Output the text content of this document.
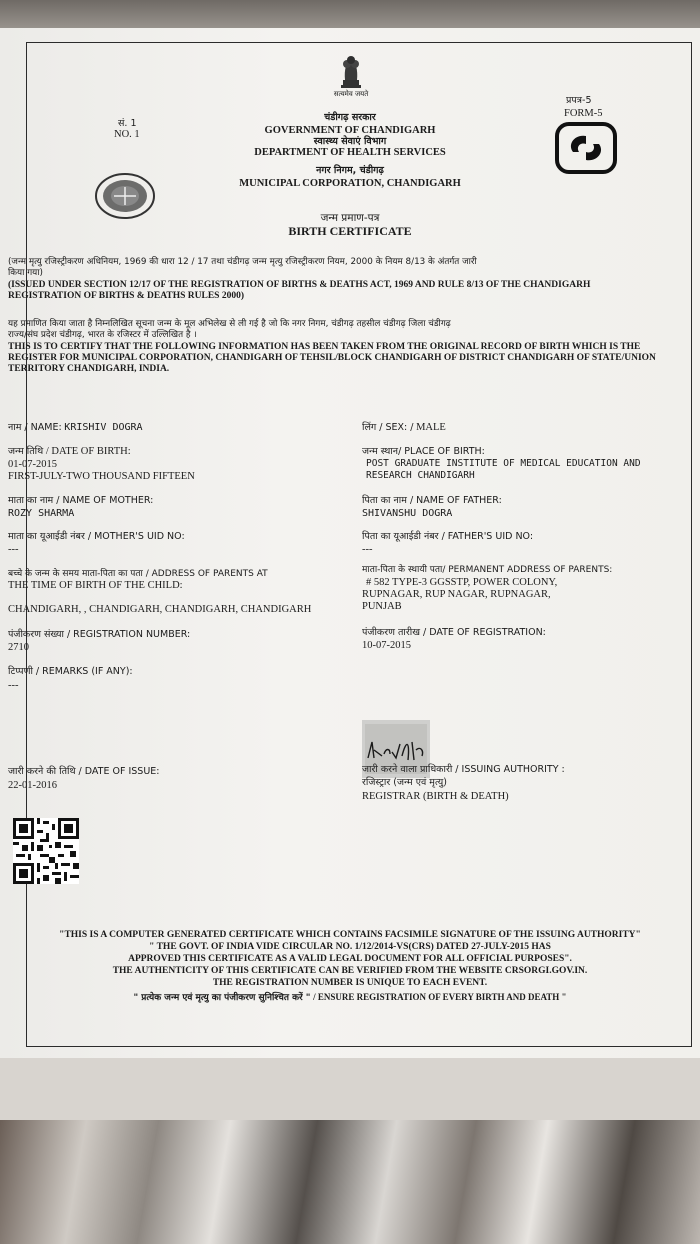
सत्यमेव जयते
सं. 1
NO. 1
चंडीगढ़ सरकार
GOVERNMENT OF CHANDIGARH
स्वास्थ्य सेवाएं विभाग
DEPARTMENT OF HEALTH SERVICES
नगर निगम, चंडीगढ़
MUNICIPAL CORPORATION, CHANDIGARH
प्रपत्र-5
FORM-5
जन्म प्रमाण-पत्र
BIRTH CERTIFICATE
(जन्म मृत्यु रजिस्ट्रीकरण अधिनियम, 1969 की धारा 12 / 17 तथा चंडीगढ़ जन्म मृत्यु रजिस्ट्रीकरण नियम, 2000 के नियम 8/13 के अंतर्गत जारी
किया गया)
(ISSUED UNDER SECTION 12/17 OF THE REGISTRATION OF BIRTHS & DEATHS ACT, 1969 AND RULE 8/13 OF THE CHANDIGARH
REGISTRATION OF BIRTHS & DEATHS RULES 2000)
यह प्रमाणित किया जाता है निम्नलिखित सूचना जन्म के मूल अभिलेख से ली गई है जो कि नगर निगम, चंडीगढ़ तहसील चंडीगढ़ जिला चंडीगढ़
राज्य/संघ प्रदेश चंडीगढ़, भारत के रजिस्टर में उल्लिखित है ।
THIS IS TO CERTIFY THAT THE FOLLOWING INFORMATION HAS BEEN TAKEN FROM THE ORIGINAL RECORD OF BIRTH WHICH IS THE
REGISTER FOR MUNICIPAL CORPORATION, CHANDIGARH OF TEHSIL/BLOCK CHANDIGARH OF DISTRICT CHANDIGARH OF STATE/UNION
TERRITORY CHANDIGARH, INDIA.
नाम / NAME: KRISHIV DOGRA	लिंग / SEX: / MALE
जन्म तिथि / DATE OF BIRTH:
01-07-2015
FIRST-JULY-TWO THOUSAND FIFTEEN
जन्म स्थान/ PLACE OF BIRTH:
POST GRADUATE INSTITUTE OF MEDICAL EDUCATION AND
RESEARCH CHANDIGARH
माता का नाम / NAME OF MOTHER:
ROZY SHARMA
पिता का नाम / NAME OF FATHER:
SHIVANSHU DOGRA
माता का यूआईडी नंबर / MOTHER'S UID NO:
---
पिता का यूआईडी नंबर / FATHER'S UID NO:
---
बच्चे के जन्म के समय माता-पिता का पता / ADDRESS OF PARENTS AT
THE TIME OF BIRTH OF THE CHILD:
CHANDIGARH, , CHANDIGARH, CHANDIGARH, CHANDIGARH
माता-पिता के स्थायी पता/ PERMANENT ADDRESS OF PARENTS:
# 582 TYPE-3 GGSSTP, POWER COLONY,
RUPNAGAR, RUP NAGAR, RUPNAGAR,
PUNJAB
पंजीकरण संख्या / REGISTRATION NUMBER:
2710
पंजीकरण तारीख / DATE OF REGISTRATION:
10-07-2015
टिप्पणी / REMARKS (IF ANY):
---
जारी करने की तिथि / DATE OF ISSUE:
22-01-2016
जारी करने वाला प्राधिकारी / ISSUING AUTHORITY :
रजिस्ट्रार (जन्म एवं मृत्यु)
REGISTRAR (BIRTH & DEATH)
"THIS IS A COMPUTER GENERATED CERTIFICATE WHICH CONTAINS FACSIMILE SIGNATURE OF THE ISSUING AUTHORITY"
" THE GOVT. OF INDIA VIDE CIRCULAR NO. 1/12/2014-VS(CRS) DATED 27-JULY-2015 HAS
APPROVED THIS CERTIFICATE AS A VALID LEGAL DOCUMENT FOR ALL OFFICIAL PURPOSES".
THE AUTHENTICITY OF THIS CERTIFICATE CAN BE VERIFIED FROM THE WEBSITE CRSORGI.GOV.IN.
THE REGISTRATION NUMBER IS UNIQUE TO EACH EVENT.
" प्रत्येक जन्म एवं मृत्यु का पंजीकरण सुनिश्चित करें " / ENSURE REGISTRATION OF EVERY BIRTH AND DEATH "
